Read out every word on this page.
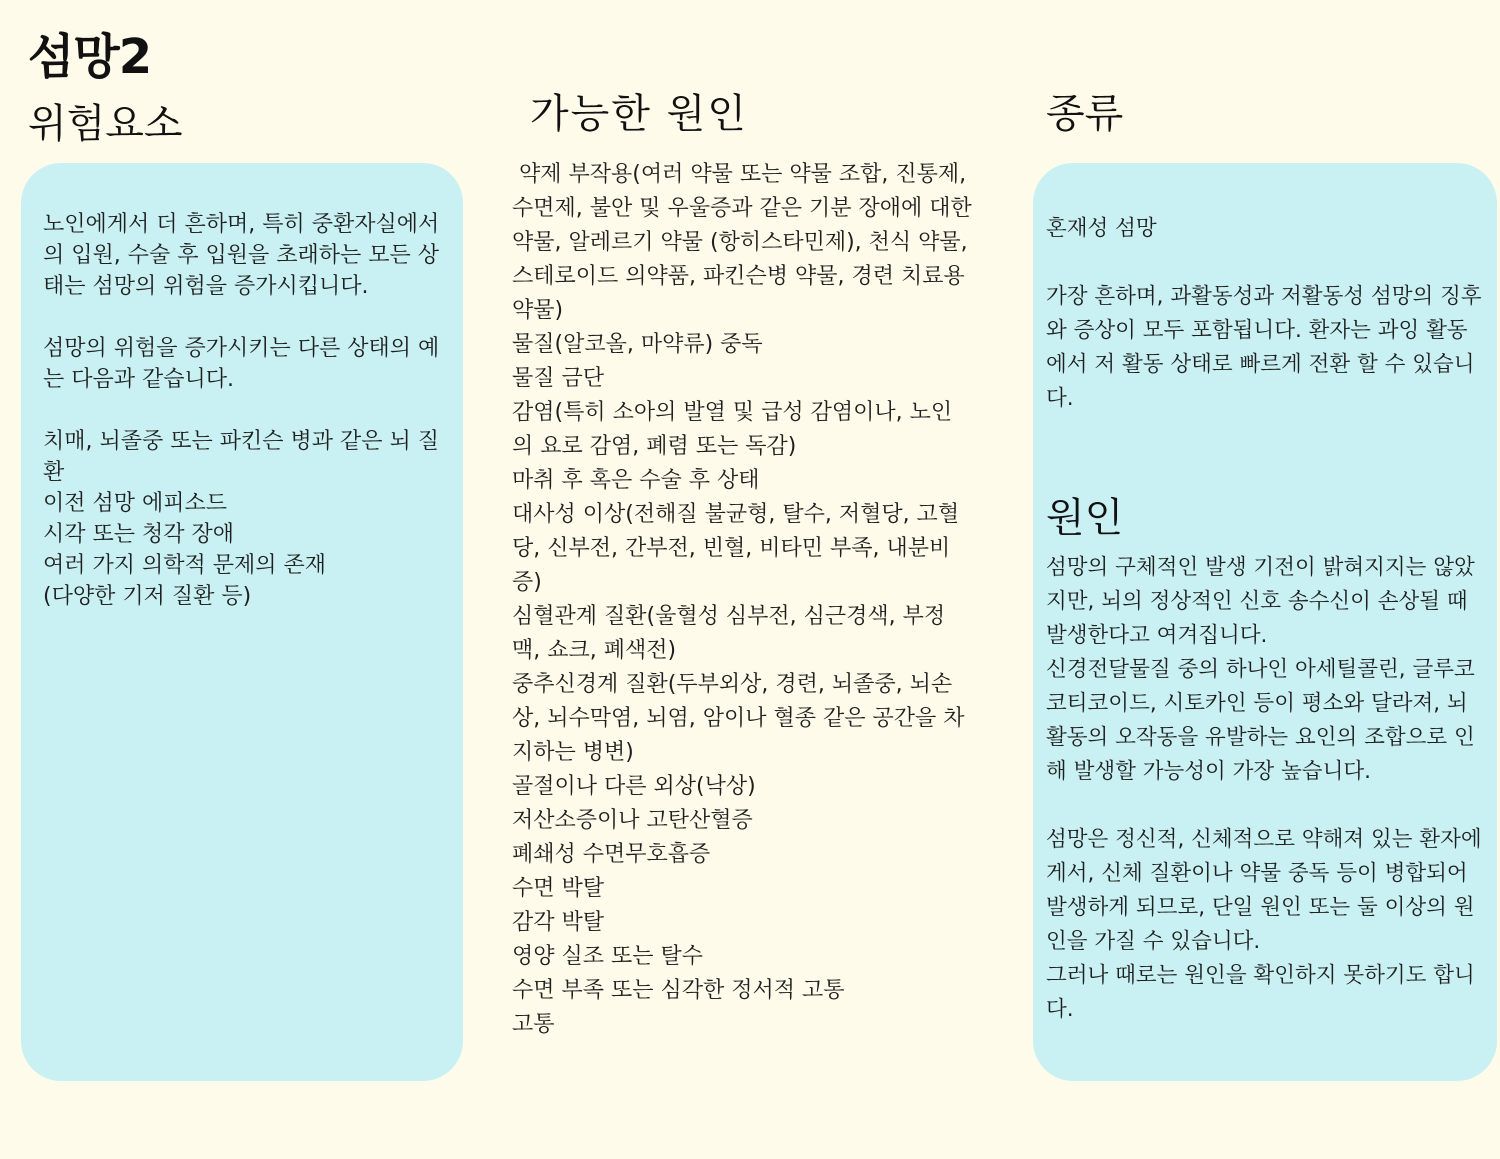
섬망2
위험요소	가능한 원인	종류

노인에게서 더 흔하며, 특히 중환자실에서의 입원, 수술 후 입원을 초래하는 모든 상태는 섬망의 위험을 증가시킵니다.

섬망의 위험을 증가시키는 다른 상태의 예는 다음과 같습니다.

치매, 뇌졸중 또는 파킨슨 병과 같은 뇌 질환
이전 섬망 에피소드
시각 또는 청각 장애
여러 가지 의학적 문제의 존재
(다양한 기저 질환 등)
약제 부작용(여러 약물 또는 약물 조합, 진통제, 수면제, 불안 및 우울증과 같은 기분 장애에 대한 약물, 알레르기 약물 (항히스타민제), 천식 약물, 스테로이드 의약품, 파킨슨병 약물, 경련 치료용 약물)
물질(알코올, 마약류) 중독
물질 금단
감염(특히 소아의 발열 및 급성 감염이나, 노인의 요로 감염, 폐렴 또는 독감)
마취 후 혹은 수술 후 상태
대사성 이상(전해질 불균형, 탈수, 저혈당, 고혈당, 신부전, 간부전, 빈혈, 비타민 부족, 내분비증)
심혈관계 질환(울혈성 심부전, 심근경색, 부정맥, 쇼크, 폐색전)
중추신경계 질환(두부외상, 경련, 뇌졸중, 뇌손상, 뇌수막염, 뇌염, 암이나 혈종 같은 공간을 차지하는 병변)
골절이나 다른 외상(낙상)
저산소증이나 고탄산혈증
폐쇄성 수면무호흡증
수면 박탈
감각 박탈
영양 실조 또는 탈수
수면 부족 또는 심각한 정서적 고통
고통
혼재성 섬망
가장 흔하며, 과활동성과 저활동성 섬망의 징후와 증상이 모두 포함됩니다. 환자는 과잉 활동에서 저 활동 상태로 빠르게 전환 할 수 있습니다.
원인
섬망의 구체적인 발생 기전이 밝혀지지는 않았지만, 뇌의 정상적인 신호 송수신이 손상될 때 발생한다고 여겨집니다.
신경전달물질 중의 하나인 아세틸콜린, 글루코코티코이드, 시토카인 등이 평소와 달라져, 뇌 활동의 오작동을 유발하는 요인의 조합으로 인해 발생할 가능성이 가장 높습니다.
섬망은 정신적, 신체적으로 약해져 있는 환자에게서, 신체 질환이나 약물 중독 등이 병합되어 발생하게 되므로, 단일 원인 또는 둘 이상의 원인을 가질 수 있습니다.
그러나 때로는 원인을 확인하지 못하기도 합니다.
